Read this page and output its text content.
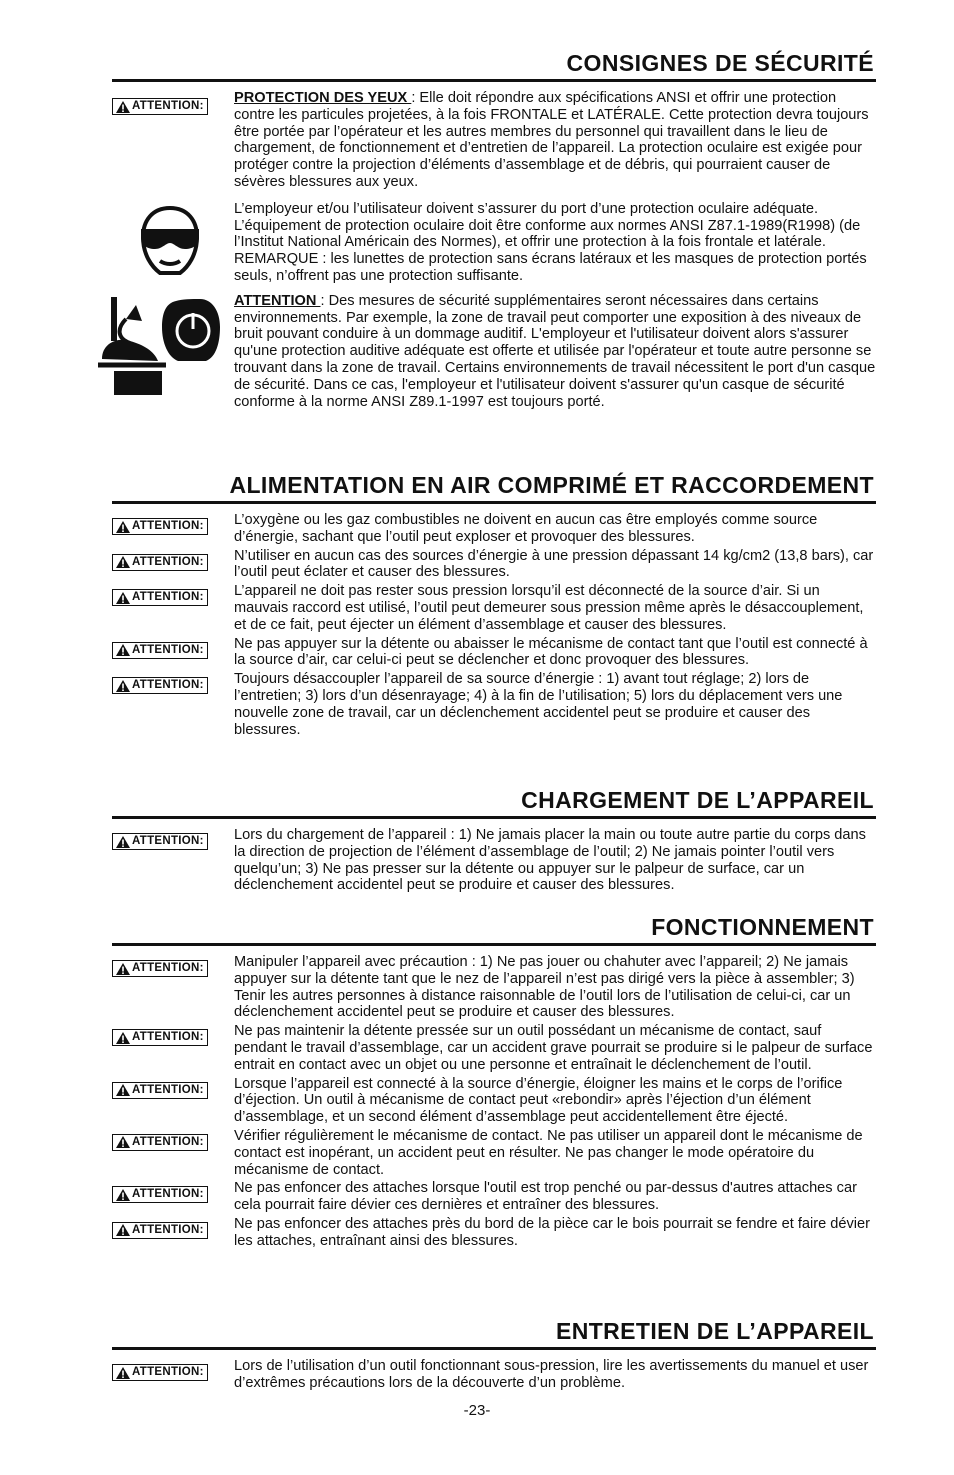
CONSIGNES DE SÉCURITÉ
ATTENTION: PROTECTION DES YEUX : Elle doit répondre aux spécifications ANSI et offrir une protection contre les particules projetées, à la fois FRONTALE et LATÉRALE. Cette protection devra toujours être portée par l’opérateur et les autres membres du personnel qui travaillent dans le lieu de chargement, de fonctionnement et d’entretien de l’appareil. La protection oculaire est exigée pour protéger contre la projection d’éléments d’assemblage et de débris, qui pourraient causer de sévères blessures aux yeux.

L’employeur et/ou l’utilisateur doivent s’assurer du port d’une protection oculaire adéquate. L’équipement de protection oculaire doit être conforme aux normes ANSI Z87.1-1989(R1998) (de l’Institut National Américain des Normes), et offrir une protection à la fois frontale et latérale. REMARQUE : les lunettes de protection sans écrans latéraux et les masques de protection portés seuls, n’offrent pas une protection suffisante.

ATTENTION : Des mesures de sécurité supplémentaires seront nécessaires dans certains environnements. Par exemple, la zone de travail peut comporter une exposition à des niveaux de bruit pouvant conduire à un dommage auditif. L'employeur et l'utilisateur doivent alors s'assurer qu'une protection auditive adéquate est offerte et utilisée par l'opérateur et toute autre personne se trouvant dans la zone de travail. Certains environnements de travail nécessitent le port d'un casque de sécurité. Dans ce cas, l'employeur et l'utilisateur doivent s'assurer qu'un casque de sécurité conforme à la norme ANSI Z89.1-1997 est toujours porté.

ALIMENTATION EN AIR COMPRIMÉ ET RACCORDEMENT
ATTENTION: L’oxygène ou les gaz combustibles ne doivent en aucun cas être employés comme source d’énergie, sachant que l’outil peut exploser et provoquer des blessures.

ATTENTION: N’utiliser en aucun cas des sources d’énergie à une pression dépassant 14 kg/cm2 (13,8 bars), car l’outil peut éclater et causer des blessures.

ATTENTION: L’appareil ne doit pas rester sous pression lorsqu’il est déconnecté de la source d’air. Si un mauvais raccord est utilisé, l’outil peut demeurer sous pression même après le désaccouplement, et de ce fait, peut éjecter un élément d’assemblage et causer des blessures.

ATTENTION: Ne pas appuyer sur la détente ou abaisser le mécanisme de contact tant que l’outil est connecté à la source d’air, car celui-ci peut se déclencher et donc provoquer des blessures.

ATTENTION: Toujours désaccoupler l’appareil de sa source d’énergie : 1) avant tout réglage; 2) lors de l’entretien; 3) lors d’un désenrayage; 4) à la fin de l’utilisation; 5) lors du déplacement vers une nouvelle zone de travail, car un déclenchement accidentel peut se produire et causer des blessures.

CHARGEMENT DE L’APPAREIL
ATTENTION: Lors du chargement de l’appareil : 1) Ne jamais placer la main ou toute autre partie du corps dans la direction de projection de l’élément d’assemblage de l’outil; 2) Ne jamais pointer l’outil vers quelqu’un; 3) Ne pas presser sur la détente ou appuyer sur le palpeur de surface, car un déclenchement accidentel peut se produire et causer des blessures.

FONCTIONNEMENT
ATTENTION: Manipuler l’appareil avec précaution : 1) Ne pas jouer ou chahuter avec l’appareil; 2) Ne jamais appuyer sur la détente tant que le nez de l’appareil n’est pas dirigé vers la pièce à assembler; 3) Tenir les autres personnes à distance raisonnable de l’outil lors de l’utilisation de celui-ci, car un déclenchement accidentel peut se produire et causer des blessures.

ATTENTION: Ne pas maintenir la détente pressée sur un outil possédant un mécanisme de contact, sauf pendant le travail d’assemblage, car un accident grave pourrait se produire si le palpeur de surface entrait en contact avec un objet ou une personne et entraînait le déclenchement de l’outil.

ATTENTION: Lorsque l’appareil est connecté à la source d’énergie, éloigner les mains et le corps de l’orifice d’éjection. Un outil à mécanisme de contact peut «rebondir» après l’éjection d’un élément d’assemblage, et un second élément d’assemblage peut accidentellement être éjecté.

ATTENTION: Vérifier régulièrement le mécanisme de contact. Ne pas utiliser un appareil dont le mécanisme de contact est inopérant, un accident peut en résulter. Ne pas changer le mode opératoire du mécanisme de contact.

ATTENTION: Ne pas enfoncer des attaches lorsque l'outil est trop penché ou par-dessus d'autres attaches car cela pourrait faire dévier ces dernières et entraîner des blessures.

ATTENTION: Ne pas enfoncer des attaches près du bord de la pièce car le bois pourrait se fendre et faire dévier les attaches, entraînant ainsi des blessures.

ENTRETIEN DE L’APPAREIL
ATTENTION: Lors de l’utilisation d’un outil fonctionnant sous-pression, lire les avertissements du manuel et user d’extrêmes précautions lors de la découverte d’un problème.

-23-
